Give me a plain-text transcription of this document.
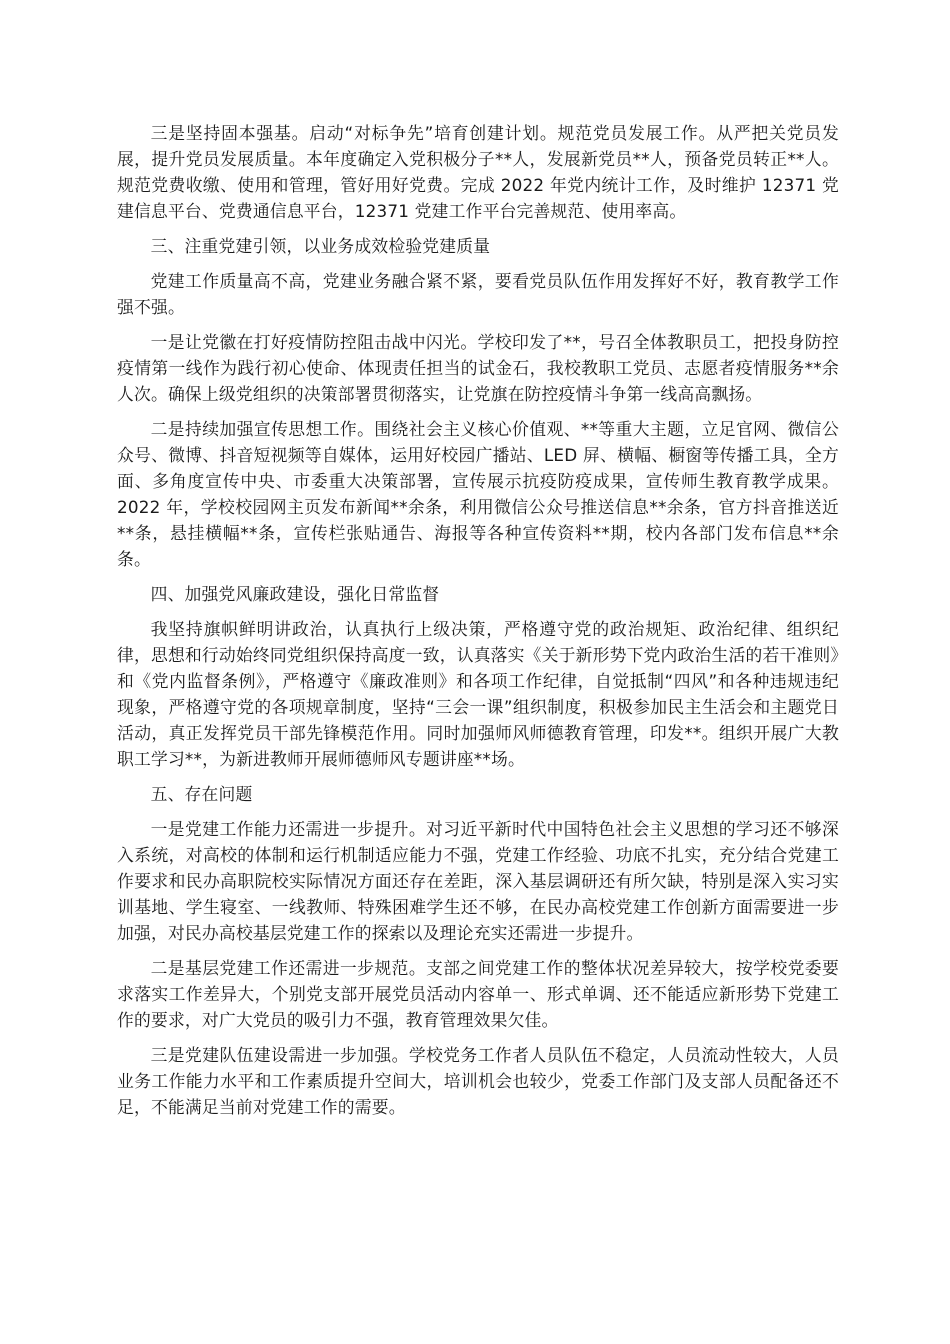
三是坚持固本强基。启动“对标争先”培育创建计划。规范党员发展工作。从严把关党员发展，提升党员发展质量。本年度确定入党积极分子**人，发展新党员**人，预备党员转正**人。规范党费收缴、使用和管理，管好用好党费。完成 2022 年党内统计工作，及时维护 12371 党建信息平台、党费通信息平台，12371 党建工作平台完善规范、使用率高。

三、注重党建引领，以业务成效检验党建质量

党建工作质量高不高，党建业务融合紧不紧，要看党员队伍作用发挥好不好，教育教学工作强不强。

一是让党徽在打好疫情防控阻击战中闪光。学校印发了**，号召全体教职员工，把投身防控疫情第一线作为践行初心使命、体现责任担当的试金石，我校教职工党员、志愿者疫情服务**余人次。确保上级党组织的决策部署贯彻落实，让党旗在防控疫情斗争第一线高高飘扬。

二是持续加强宣传思想工作。围绕社会主义核心价值观、**等重大主题，立足官网、微信公众号、微博、抖音短视频等自媒体，运用好校园广播站、LED 屏、横幅、橱窗等传播工具，全方面、多角度宣传中央、市委重大决策部署，宣传展示抗疫防疫成果，宣传师生教育教学成果。2022 年，学校校园网主页发布新闻**余条，利用微信公众号推送信息**余条，官方抖音推送近**条，悬挂横幅**条，宣传栏张贴通告、海报等各种宣传资料**期，校内各部门发布信息**余条。

四、加强党风廉政建设，强化日常监督

我坚持旗帜鲜明讲政治，认真执行上级决策，严格遵守党的政治规矩、政治纪律、组织纪律，思想和行动始终同党组织保持高度一致，认真落实《关于新形势下党内政治生活的若干准则》和《党内监督条例》，严格遵守《廉政准则》和各项工作纪律，自觉抵制“四风”和各种违规违纪现象，严格遵守党的各项规章制度，坚持“三会一课”组织制度，积极参加民主生活会和主题党日活动，真正发挥党员干部先锋模范作用。同时加强师风师德教育管理，印发**。组织开展广大教职工学习**，为新进教师开展师德师风专题讲座**场。

五、存在问题

一是党建工作能力还需进一步提升。对习近平新时代中国特色社会主义思想的学习还不够深入系统，对高校的体制和运行机制适应能力不强，党建工作经验、功底不扎实，充分结合党建工作要求和民办高职院校实际情况方面还存在差距，深入基层调研还有所欠缺，特别是深入实习实训基地、学生寝室、一线教师、特殊困难学生还不够，在民办高校党建工作创新方面需要进一步加强，对民办高校基层党建工作的探索以及理论充实还需进一步提升。

二是基层党建工作还需进一步规范。支部之间党建工作的整体状况差异较大，按学校党委要求落实工作差异大，个别党支部开展党员活动内容单一、形式单调、还不能适应新形势下党建工作的要求，对广大党员的吸引力不强，教育管理效果欠佳。

三是党建队伍建设需进一步加强。学校党务工作者人员队伍不稳定，人员流动性较大，人员业务工作能力水平和工作素质提升空间大，培训机会也较少，党委工作部门及支部人员配备还不足，不能满足当前对党建工作的需要。
